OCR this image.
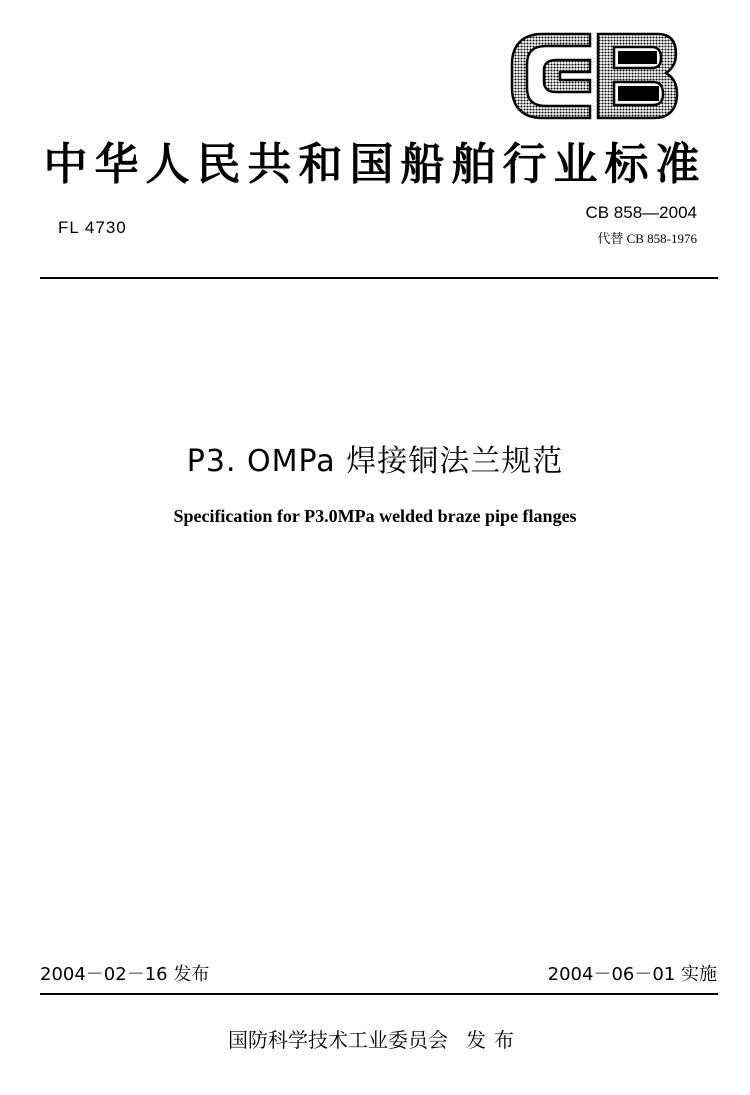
中华人民共和国船舶行业标准
FL 4730
CB 858—2004
代替 CB 858-1976
P3. OMPa 焊接铜法兰规范
Specification for P3.0MPa welded braze pipe flanges
2004－02－16 发布	2004－06－01 实施
国防科学技术工业委员会 发布
